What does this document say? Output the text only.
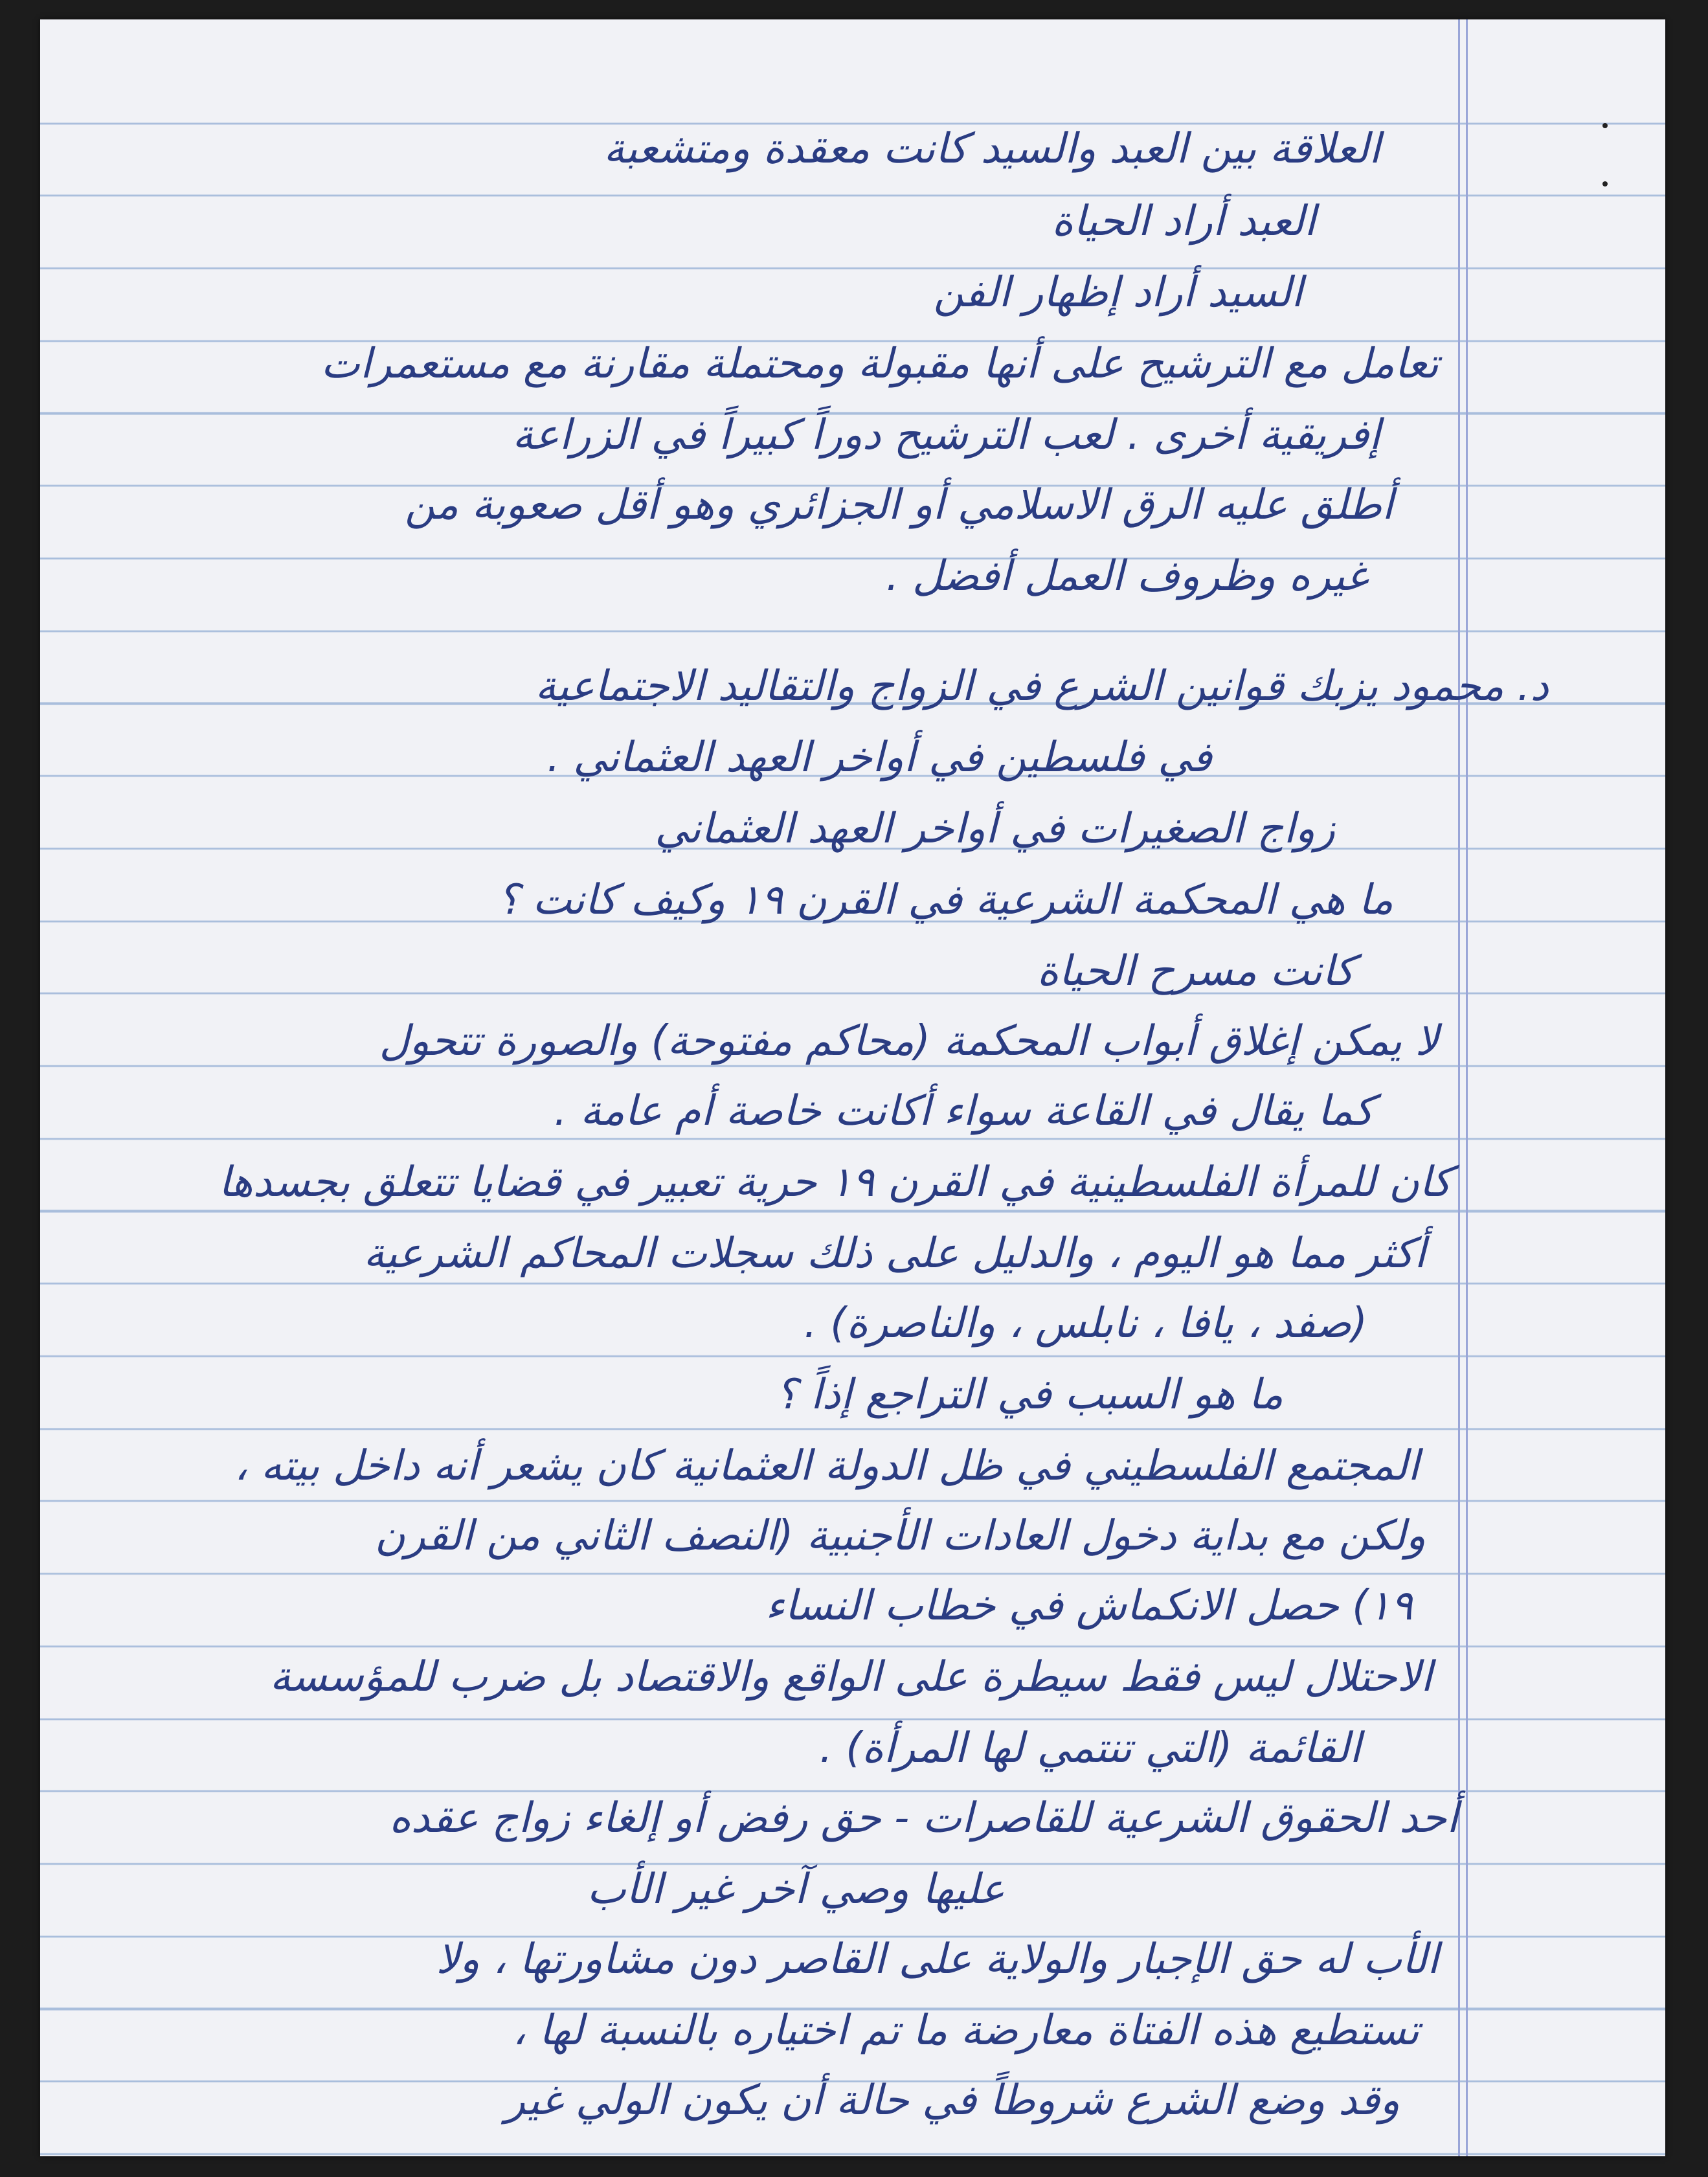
العلاقة بين العبد والسيد كانت معقدة ومتشعبة
العبد أراد الحياة
السيد أراد إظهار الفن
تعامل مع الترشيح على أنها مقبولة ومحتملة مقارنة مع مستعمرات
إفريقية أخرى . لعب الترشيح دوراً كبيراً في الزراعة
أطلق عليه الرق الاسلامي أو الجزائري وهو أقل صعوبة من
غيره وظروف العمل أفضل .
د. محمود يزبك قوانين الشرع في الزواج والتقاليد الاجتماعية
في فلسطين في أواخر العهد العثماني .
زواج الصغيرات في أواخر العهد العثماني
ما هي المحكمة الشرعية في القرن ١٩ وكيف كانت ؟
كانت مسرح الحياة
لا يمكن إغلاق أبواب المحكمة (محاكم مفتوحة) والصورة تتحول
كما يقال في القاعة سواء أكانت خاصة أم عامة .
كان للمرأة الفلسطينية في القرن ١٩ حرية تعبير في قضايا تتعلق بجسدها
أكثر مما هو اليوم ، والدليل على ذلك سجلات المحاكم الشرعية
(صفد ، يافا ، نابلس ، والناصرة) .
ما هو السبب في التراجع إذاً ؟
المجتمع الفلسطيني في ظل الدولة العثمانية كان يشعر أنه داخل بيته ،
ولكن مع بداية دخول العادات الأجنبية (النصف الثاني من القرن
١٩) حصل الانكماش في خطاب النساء
الاحتلال ليس فقط سيطرة على الواقع والاقتصاد بل ضرب للمؤسسة
القائمة (التي تنتمي لها المرأة) .
أحد الحقوق الشرعية للقاصرات - حق رفض أو إلغاء زواج عقده
عليها وصي آخر غير الأب
الأب له حق الإجبار والولاية على القاصر دون مشاورتها ، ولا
تستطيع هذه الفتاة معارضة ما تم اختياره بالنسبة لها ،
وقد وضع الشرع شروطاً في حالة أن يكون الولي غير
